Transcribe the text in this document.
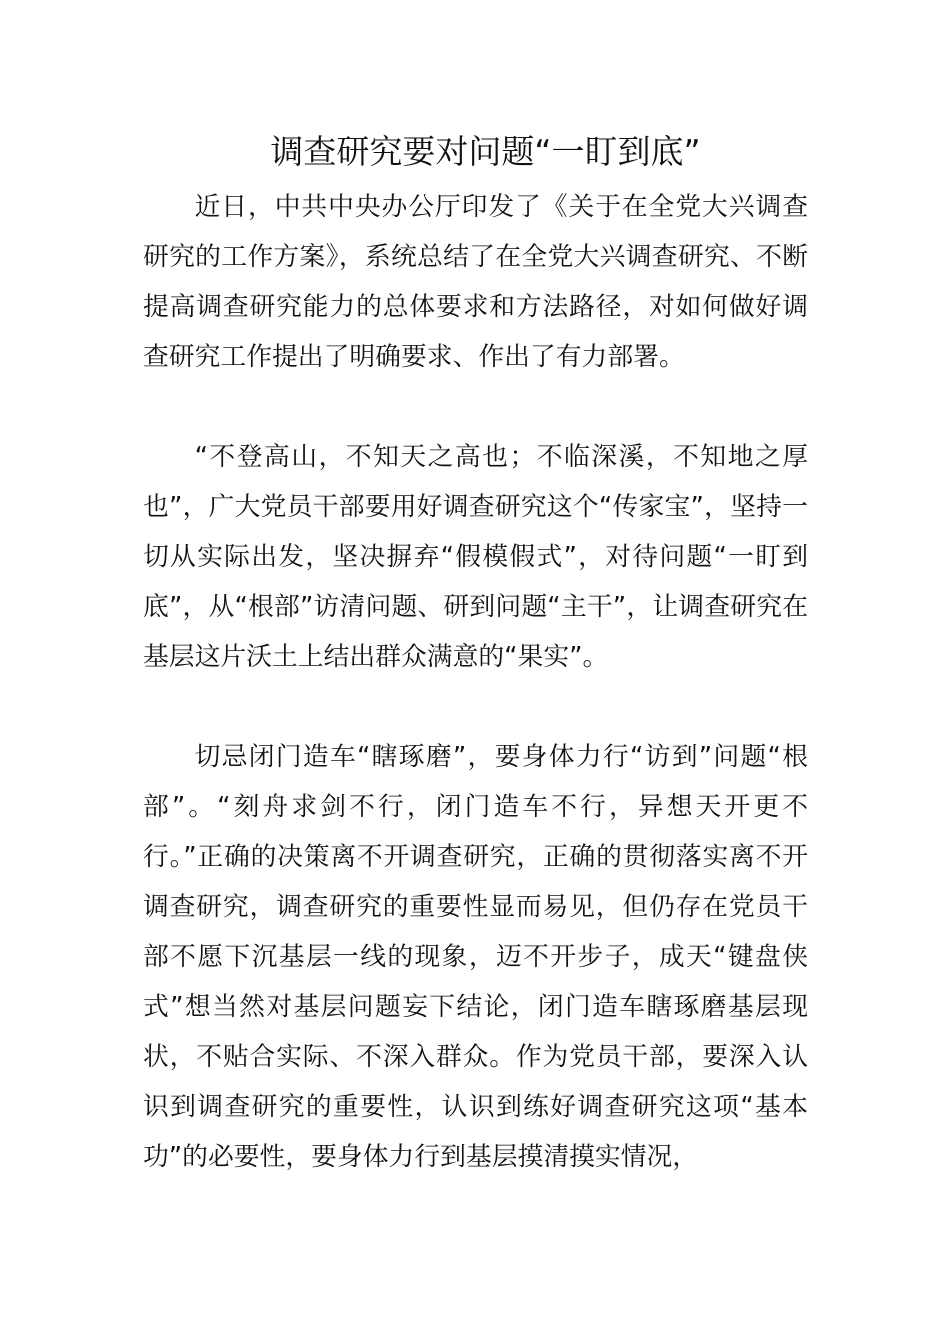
调查研究要对问题“一盯到底”

近日，中共中央办公厅印发了《关于在全党大兴调查研究的工作方案》，系统总结了在全党大兴调查研究、不断提高调查研究能力的总体要求和方法路径，对如何做好调查研究工作提出了明确要求、作出了有力部署。

“不登高山，不知天之高也；不临深溪，不知地之厚也”，广大党员干部要用好调查研究这个“传家宝”，坚持一切从实际出发，坚决摒弃“假模假式”，对待问题“一盯到底”，从“根部”访清问题、研到问题“主干”，让调查研究在基层这片沃土上结出群众满意的“果实”。

切忌闭门造车“瞎琢磨”，要身体力行“访到”问题“根部”。“刻舟求剑不行，闭门造车不行，异想天开更不行。”正确的决策离不开调查研究，正确的贯彻落实离不开调查研究，调查研究的重要性显而易见，但仍存在党员干部不愿下沉基层一线的现象，迈不开步子，成天“键盘侠式”想当然对基层问题妄下结论，闭门造车瞎琢磨基层现状，不贴合实际、不深入群众。作为党员干部，要深入认识到调查研究的重要性，认识到练好调查研究这项“基本功”的必要性，要身体力行到基层摸清摸实情况，
